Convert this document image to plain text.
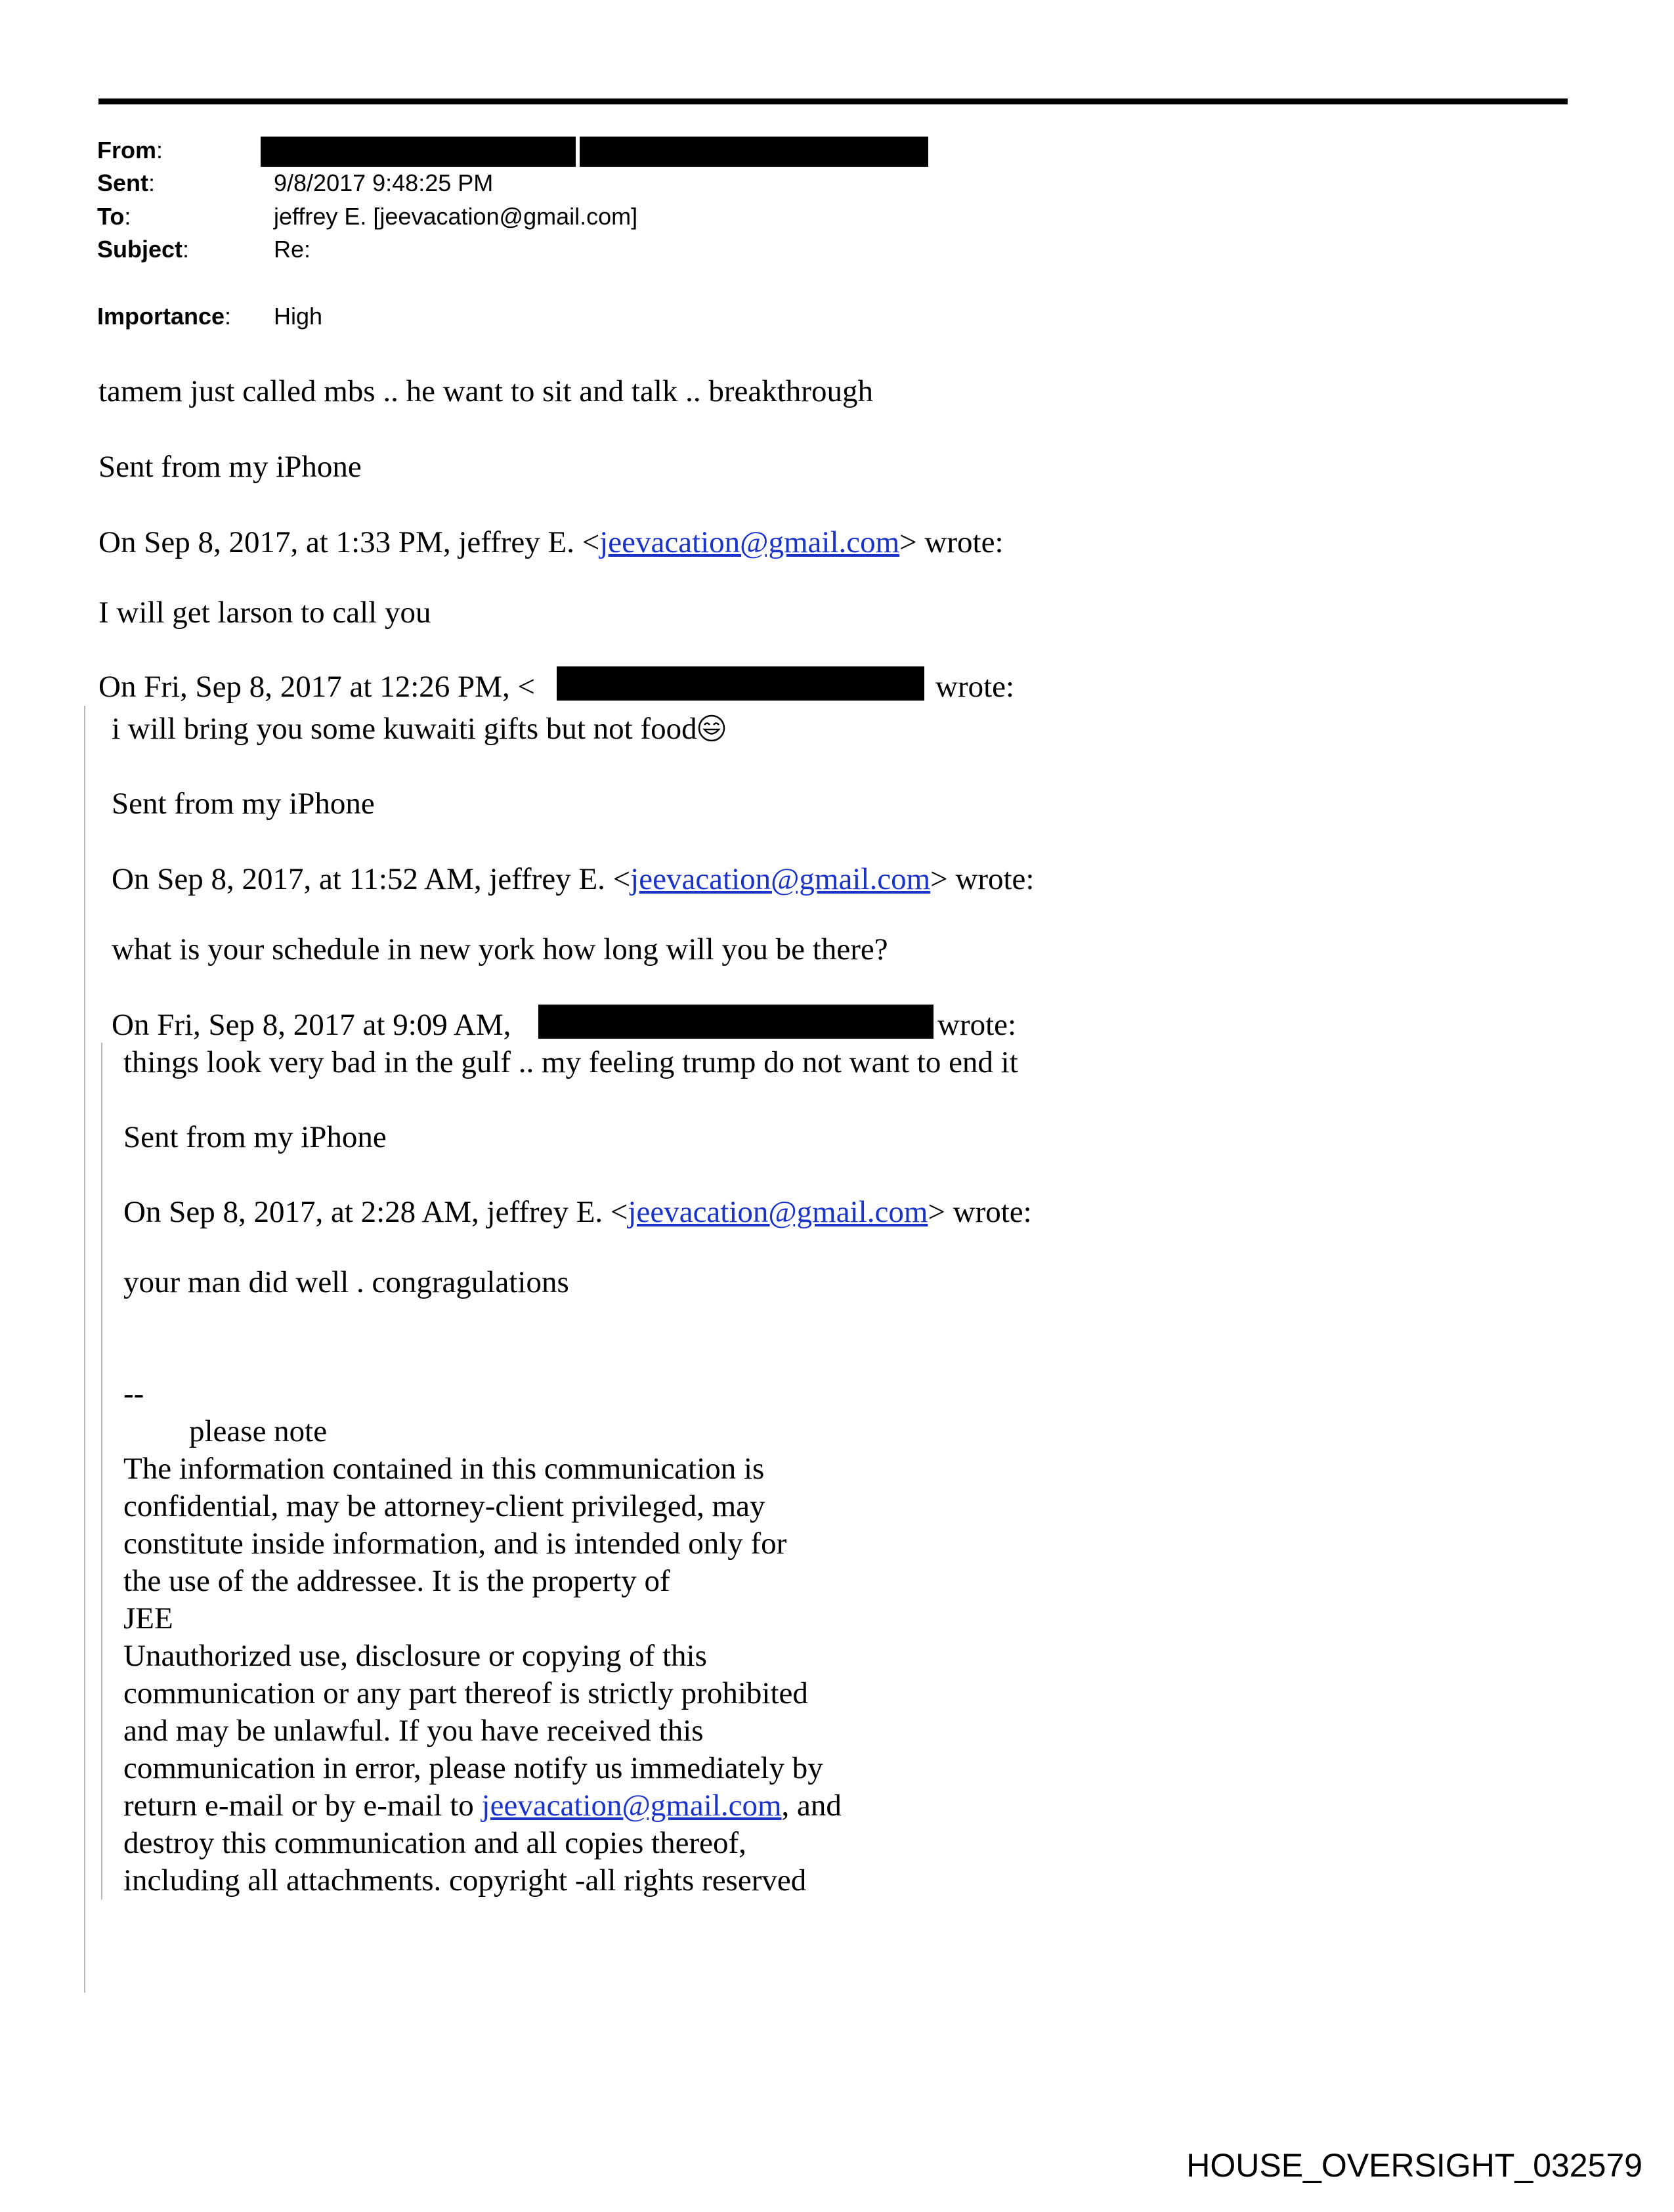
From:
Sent:	9/8/2017 9:48:25 PM
To:	jeffrey E. [jeevacation@gmail.com]
Subject:	Re:
Importance: High
tamem just called mbs .. he want to sit and talk .. breakthrough
Sent from my iPhone
On Sep 8, 2017, at 1:33 PM, jeffrey E. <jeevacation@gmail.com> wrote:
I will get larson to call you
On Fri, Sep 8, 2017 at 12:26 PM, <	wrote:
i will bring you some kuwaiti gifts but not food
Sent from my iPhone
On Sep 8, 2017, at 11:52 AM, jeffrey E. <jeevacation@gmail.com> wrote:
what is your schedule in new york how long will you be there?
On Fri, Sep 8, 2017 at 9:09 AM,	wrote:
things look very bad in the gulf .. my feeling trump do not want to end it
Sent from my iPhone
On Sep 8, 2017, at 2:28 AM, jeffrey E. <jeevacation@gmail.com> wrote:
your man did well . congragulations
--
please note
The information contained in this communication is
confidential, may be attorney-client privileged, may
constitute inside information, and is intended only for
the use of the addressee. It is the property of
JEE
Unauthorized use, disclosure or copying of this
communication or any part thereof is strictly prohibited
and may be unlawful. If you have received this
communication in error, please notify us immediately by
return e-mail or by e-mail to jeevacation@gmail.com, and
destroy this communication and all copies thereof,
including all attachments. copyright -all rights reserved
HOUSE_OVERSIGHT_032579
